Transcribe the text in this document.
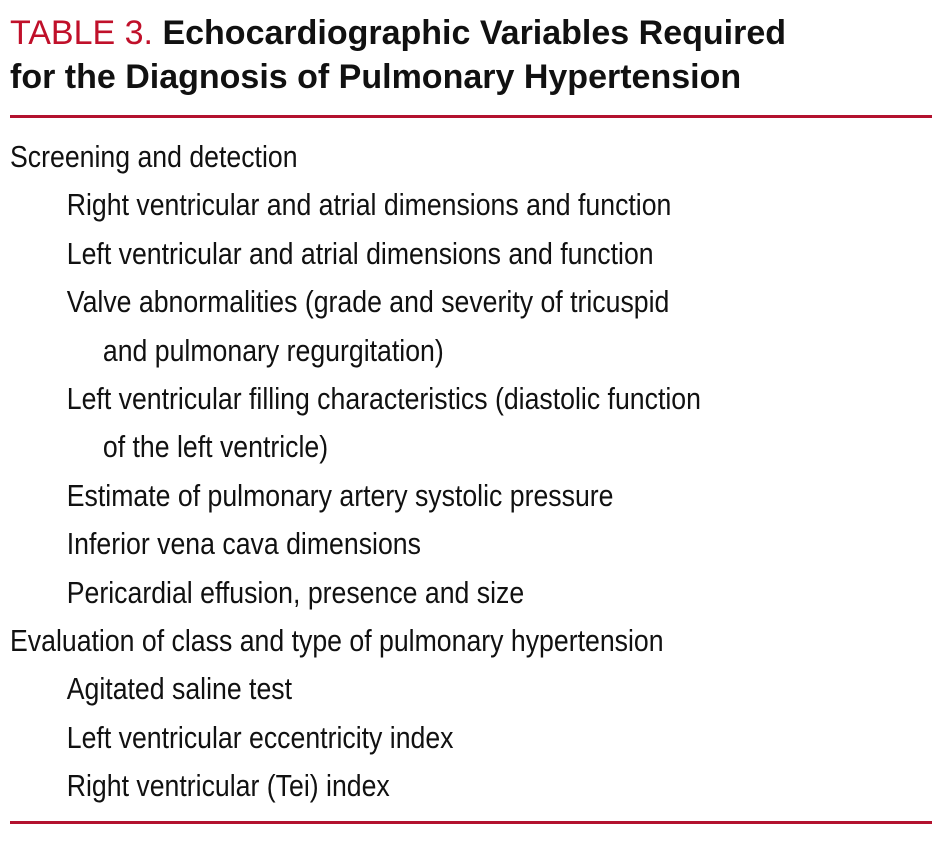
TABLE 3. Echocardiographic Variables Required
for the Diagnosis of Pulmonary Hypertension
Screening and detection
Right ventricular and atrial dimensions and function
Left ventricular and atrial dimensions and function
Valve abnormalities (grade and severity of tricuspid
and pulmonary regurgitation)
Left ventricular filling characteristics (diastolic function
of the left ventricle)
Estimate of pulmonary artery systolic pressure
Inferior vena cava dimensions
Pericardial effusion, presence and size
Evaluation of class and type of pulmonary hypertension
Agitated saline test
Left ventricular eccentricity index
Right ventricular (Tei) index
